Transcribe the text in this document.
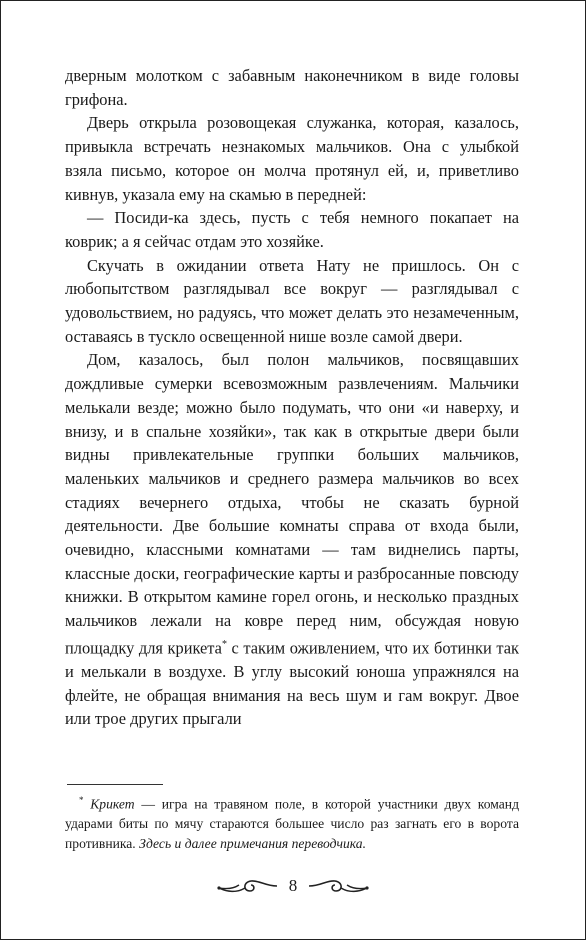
дверным молотком с забавным наконечником в виде головы грифона.

Дверь открыла розовощекая служанка, которая, казалось, привыкла встречать незнакомых мальчиков. Она с улыбкой взяла письмо, которое он молча протянул ей, и, приветливо кивнув, указала ему на скамью в передней:

— Посиди-ка здесь, пусть с тебя немного покапает на коврик; а я сейчас отдам это хозяйке.

Скучать в ожидании ответа Нату не пришлось. Он с любопытством разглядывал все вокруг — разглядывал с удовольствием, но радуясь, что может делать это незамеченным, оставаясь в тускло освещенной нише возле самой двери.

Дом, казалось, был полон мальчиков, посвящавших дождливые сумерки всевозможным развлечениям. Мальчики мелькали везде; можно было подумать, что они «и наверху, и внизу, и в спальне хозяйки», так как в открытые двери были видны привлекательные группки больших мальчиков, маленьких мальчиков и среднего размера мальчиков во всех стадиях вечернего отдыха, чтобы не сказать бурной деятельности. Две большие комнаты справа от входа были, очевидно, классными комнатами — там виднелись парты, классные доски, географические карты и разбросанные повсюду книжки. В открытом камине горел огонь, и несколько праздных мальчиков лежали на ковре перед ним, обсуждая новую площадку для крикета* с таким оживлением, что их ботинки так и мелькали в воздухе. В углу высокий юноша упражнялся на флейте, не обращая внимания на весь шум и гам вокруг. Двое или трое других прыгали

* Крикет — игра на травяном поле, в которой участники двух команд ударами биты по мячу стараются большее число раз загнать его в ворота противника. Здесь и далее примечания переводчика.

8
